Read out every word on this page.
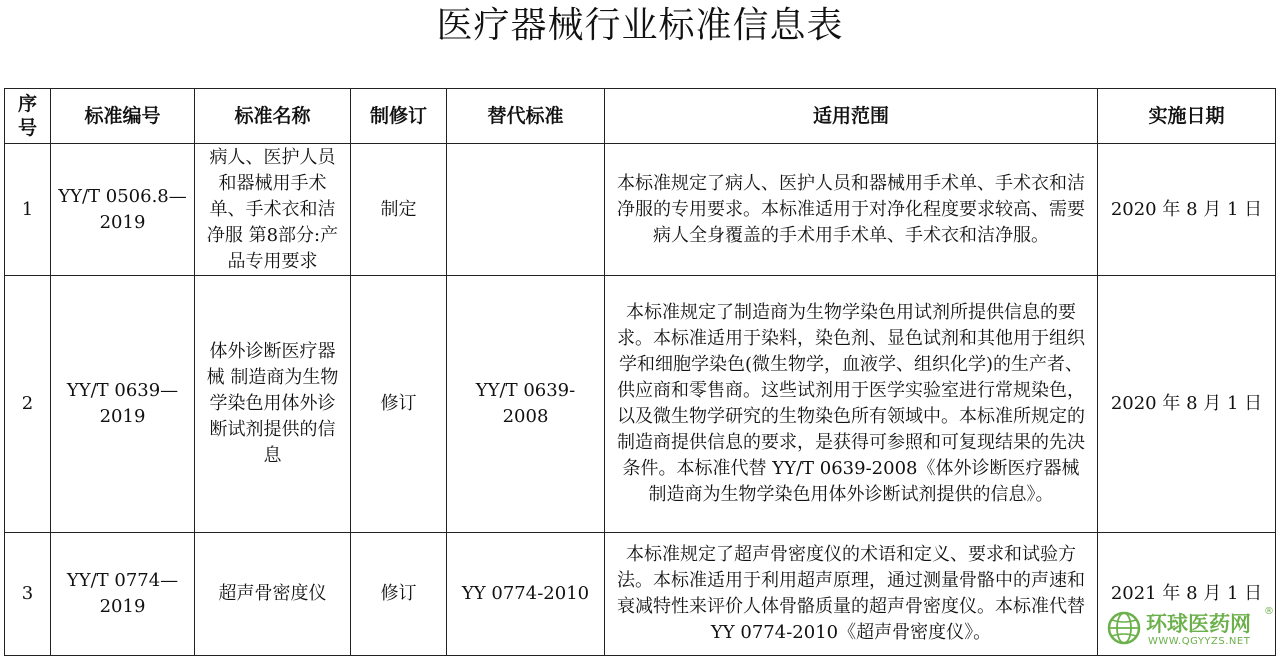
医疗器械行业标准信息表
序号	标准编号	标准名称	制修订	替代标准	适用范围	实施日期
1	YY/T 0506.8—2019	病人、医护人员和器械用手术单、手术衣和洁净服 第8部分:产品专用要求	制定		本标准规定了病人、医护人员和器械用手术单、手术衣和洁净服的专用要求。本标准适用于对净化程度要求较高、需要病人全身覆盖的手术用手术单、手术衣和洁净服。	2020 年 8 月 1 日
2	YY/T 0639—2019	体外诊断医疗器械 制造商为生物学染色用体外诊断试剂提供的信息	修订	YY/T 0639-2008	本标准规定了制造商为生物学染色用试剂所提供信息的要求。本标准适用于染料，染色剂、显色试剂和其他用于组织学和细胞学染色(微生物学，血液学、组织化学)的生产者、供应商和零售商。这些试剂用于医学实验室进行常规染色，以及微生物学研究的生物染色所有领域中。本标准所规定的制造商提供信息的要求，是获得可参照和可复现结果的先决条件。本标准代替 YY/T 0639-2008《体外诊断医疗器械 制造商为生物学染色用体外诊断试剂提供的信息》。	2020 年 8 月 1 日
3	YY/T 0774—2019	超声骨密度仪	修订	YY 0774-2010	本标准规定了超声骨密度仪的术语和定义、要求和试验方法。本标准适用于利用超声原理，通过测量骨骼中的声速和衰减特性来评价人体骨骼质量的超声骨密度仪。本标准代替 YY 0774-2010《超声骨密度仪》。	2021 年 8 月 1 日
环球医药网
®
WWW.QGYYZS.NET
